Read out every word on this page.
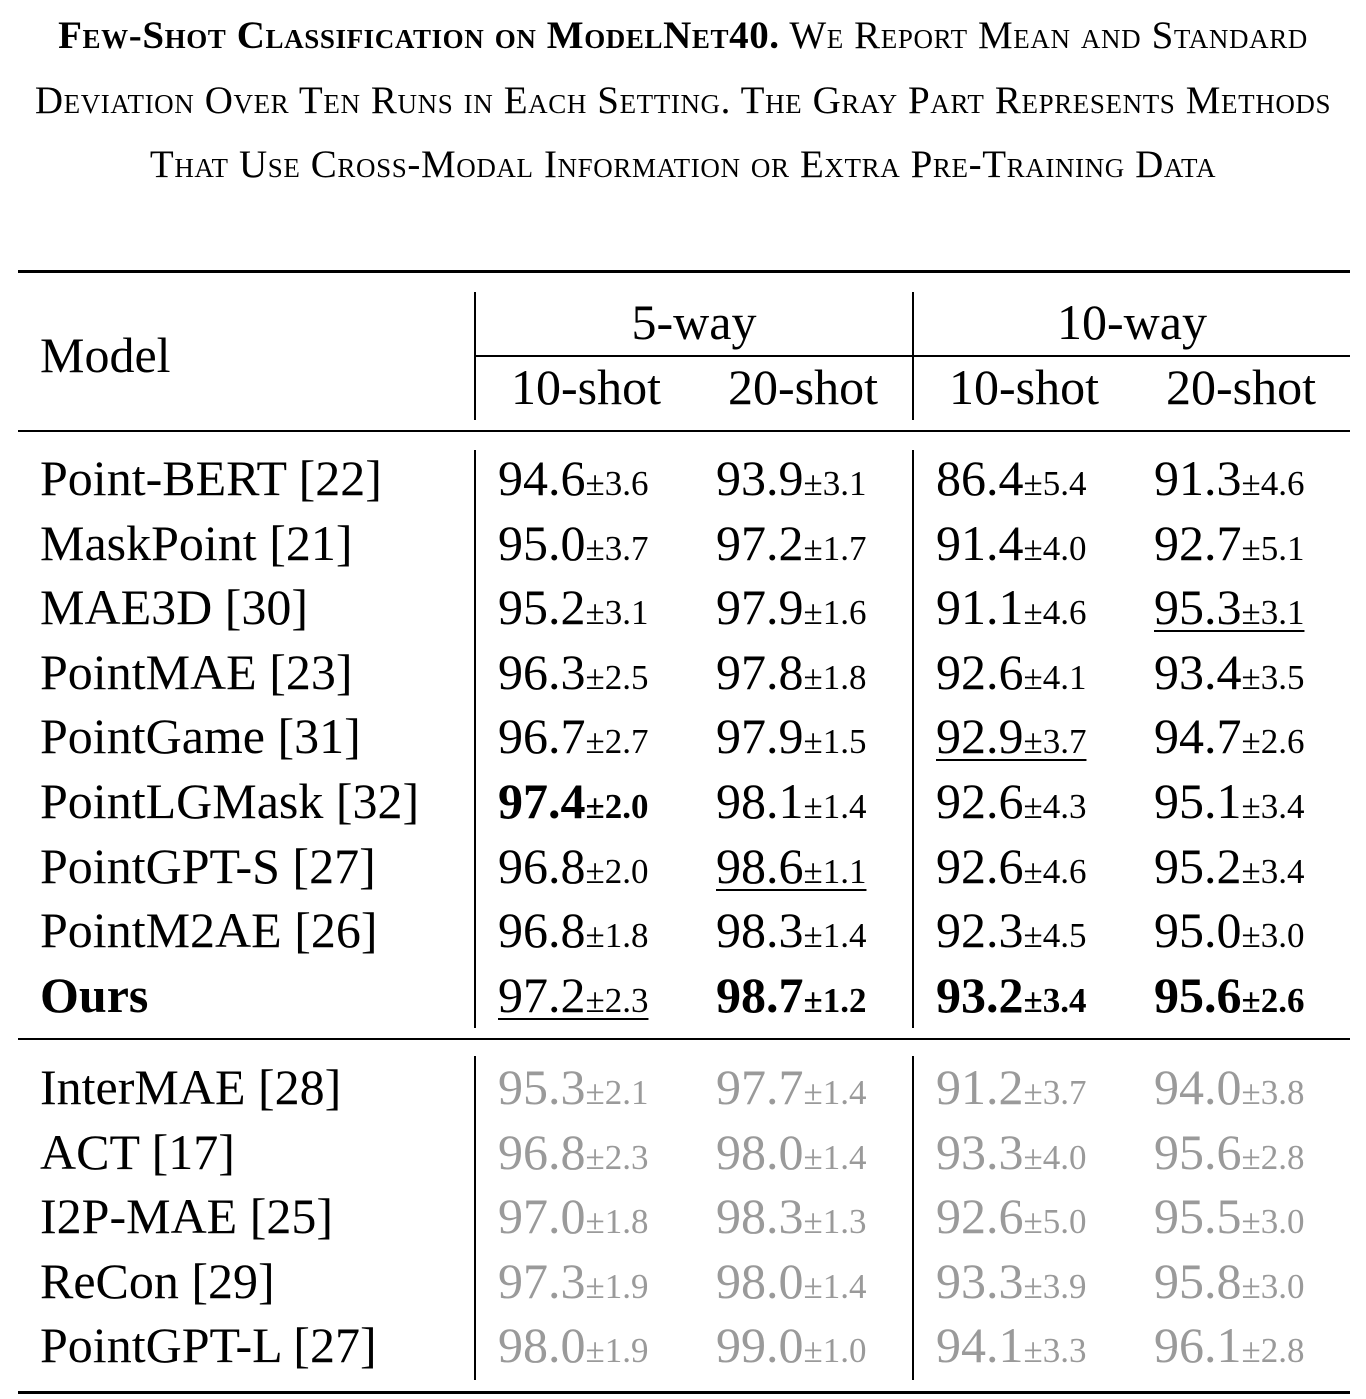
Few-Shot Classification on ModelNet40. We Report Mean and Standard Deviation Over Ten Runs in Each Setting. The Gray Part Represents Methods That Use Cross-Modal Information or Extra Pre-Training Data
Model
5-way	10-way
10-shot	20-shot	10-shot	20-shot
Point-BERT [22] 94.6±3.6 93.9±3.1 86.4±5.4 91.3±4.6
MaskPoint [21]	95.0±3.7 97.2±1.7 91.4±4.0 92.7±5.1
MAE3D [30]	95.2±3.1 97.9±1.6 91.1±4.6 95.3±3.1
PointMAE [23]	96.3±2.5 97.8±1.8 92.6±4.1 93.4±3.5
PointGame [31]	96.7±2.7 97.9±1.5 92.9±3.7 94.7±2.6
PointLGMask [32] 97.4±2.0 98.1±1.4 92.6±4.3 95.1±3.4
PointGPT-S [27] 96.8±2.0 98.6±1.1 92.6±4.6 95.2±3.4
PointM2AE [26] 96.8±1.8 98.3±1.4 92.3±4.5 95.0±3.0
Ours	97.2±2.3 98.7±1.2 93.2±3.4 95.6±2.6
InterMAE [28]	95.3±2.1 97.7±1.4 91.2±3.7 94.0±3.8
ACT [17]	96.8±2.3 98.0±1.4 93.3±4.0 95.6±2.8
I2P-MAE [25]	97.0±1.8 98.3±1.3 92.6±5.0 95.5±3.0
ReCon [29]	97.3±1.9 98.0±1.4 93.3±3.9 95.8±3.0
PointGPT-L [27] 98.0±1.9 99.0±1.0 94.1±3.3 96.1±2.8
